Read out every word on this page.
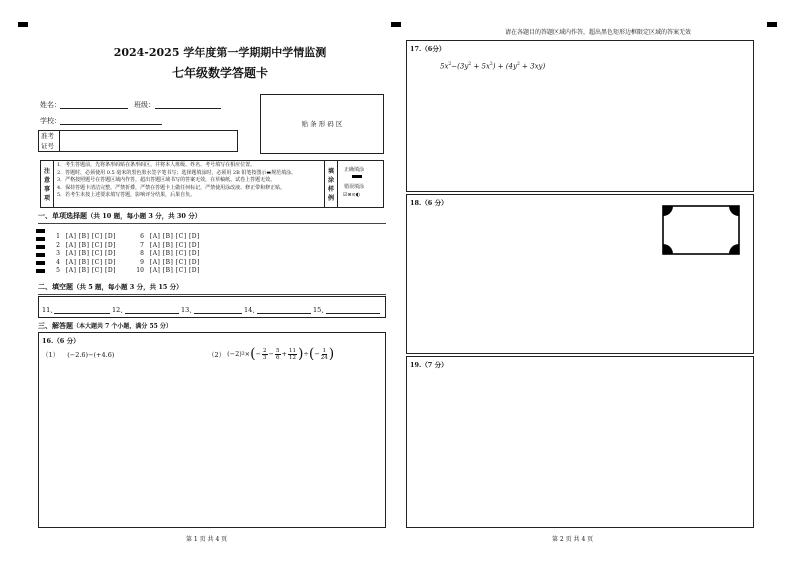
请在各题目的答题区域内作答，超出黑色矩形边框限定区域的答案无效
2024-2025 学年度第一学期期中学情监测
七年级数学答题卡
姓名：	班级：
学校：
准考
证号
贴 条 形 码 区
注
意
事
项
1．考生答题前，先将条形码贴在条形码区，并将本人班级、姓名、考号填写在相应位置。
2．答题时，必须使用 0.5 毫米的黑色墨水签字笔书写；选择题填涂时，必须用 2B 铅笔按图示▬规范填涂。
3．严格按照题号在答题区域内作答，超出答题区域书写的答案无效，在草稿纸、试卷上答题无效。
4．保持答题卡清洁完整，严禁折叠，严禁在答题卡上做任何标记，严禁使用涂改液、修正带和修正贴。
5．若考生未按上述要求填写答题，影响评分结果，后果自负。
填
涂
样
例
正确填涂
错误填涂
☑⊗⊙◐
一、单项选择题（共 10 题，每小题 3 分，共 30 分）
1 [A] [B] [C] [D]	6 [A] [B] [C] [D]
2 [A] [B] [C] [D]	7 [A] [B] [C] [D]
3 [A] [B] [C] [D]	8 [A] [B] [C] [D]
4 [A] [B] [C] [D]	9 [A] [B] [C] [D]
5 [A] [B] [C] [D]	10 [A] [B] [C] [D]
二、填空题（共 5 题，每小题 3 分，共 15 分）
11、	12、	13、	14、	15、
三、解答题（本大题共 7 个小题，满分 55 分）
16.（6 分）
（1） (−2.6)−(+4.6)	（2） (−2) 3 × ( − $\frac{2}{3} - \frac{5}{6} + \frac{11}{12}$ ) ÷ ( − $\frac{1}{24}$ )
第 1 页 共 4 页
17.（6分）
$5x^2-(3y^2 + 5x^2) + (4y^2 + 3xy)$
18.（6 分）
19.（7 分）
第 2 页 共 4 页
